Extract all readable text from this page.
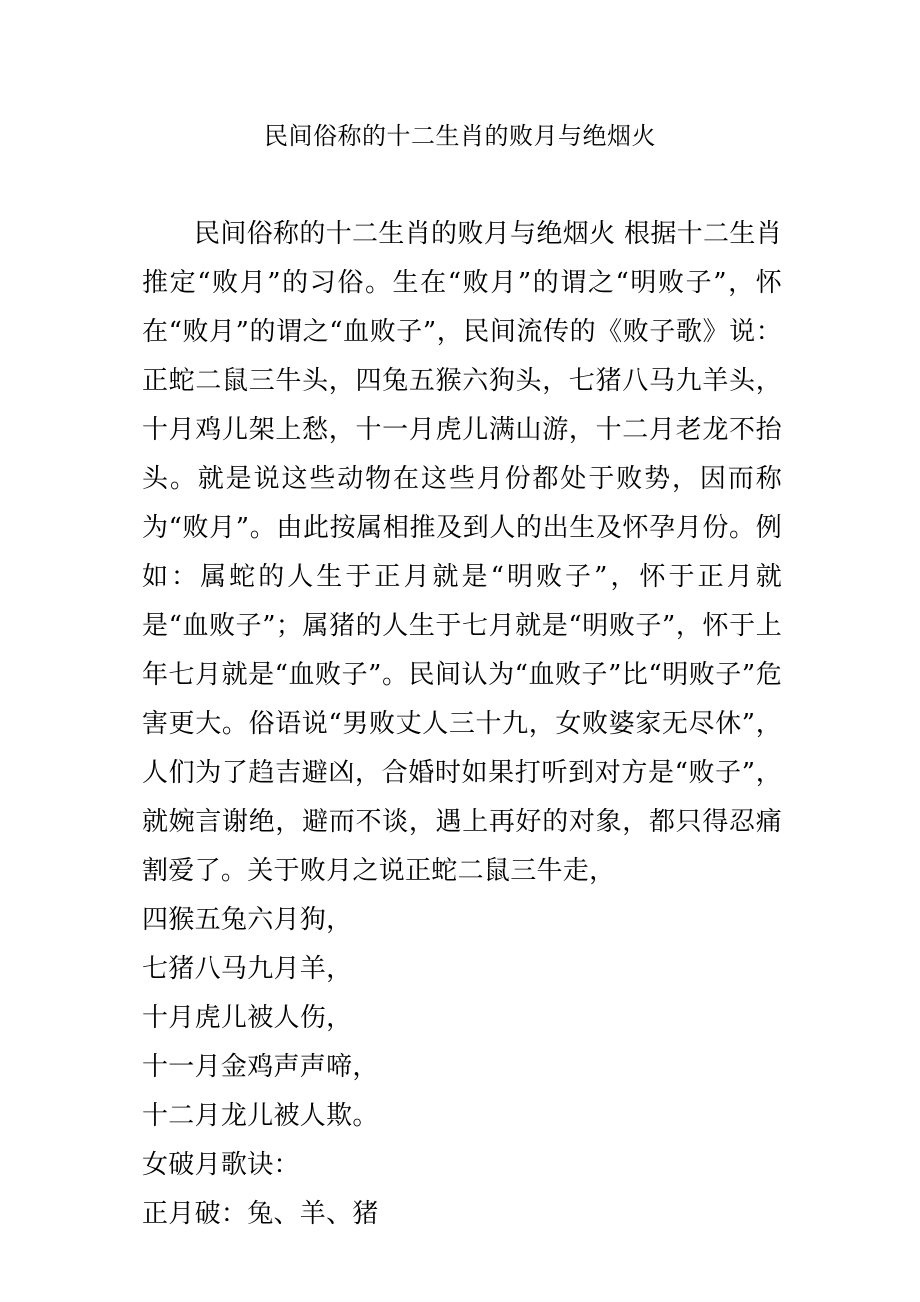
民间俗称的十二生肖的败月与绝烟火

民间俗称的十二生肖的败月与绝烟火 根据十二生肖推定“败月”的习俗。生在“败月”的谓之“明败子”，怀在“败月”的谓之“血败子”，民间流传的《败子歌》说：正蛇二鼠三牛头，四兔五猴六狗头，七猪八马九羊头，十月鸡儿架上愁，十一月虎儿满山游，十二月老龙不抬头。就是说这些动物在这些月份都处于败势，因而称为“败月”。由此按属相推及到人的出生及怀孕月份。例如：属蛇的人生于正月就是“明败子”，怀于正月就是“血败子”；属猪的人生于七月就是“明败子”，怀于上年七月就是“血败子”。民间认为“血败子”比“明败子”危害更大。俗语说“男败丈人三十九，女败婆家无尽休”，人们为了趋吉避凶，合婚时如果打听到对方是“败子”，就婉言谢绝，避而不谈，遇上再好的对象，都只得忍痛割爱了。关于败月之说正蛇二鼠三牛走，

四猴五兔六月狗，

七猪八马九月羊，

十月虎儿被人伤，

十一月金鸡声声啼，

十二月龙儿被人欺。

女破月歌诀：

正月破：兔、羊、猪
